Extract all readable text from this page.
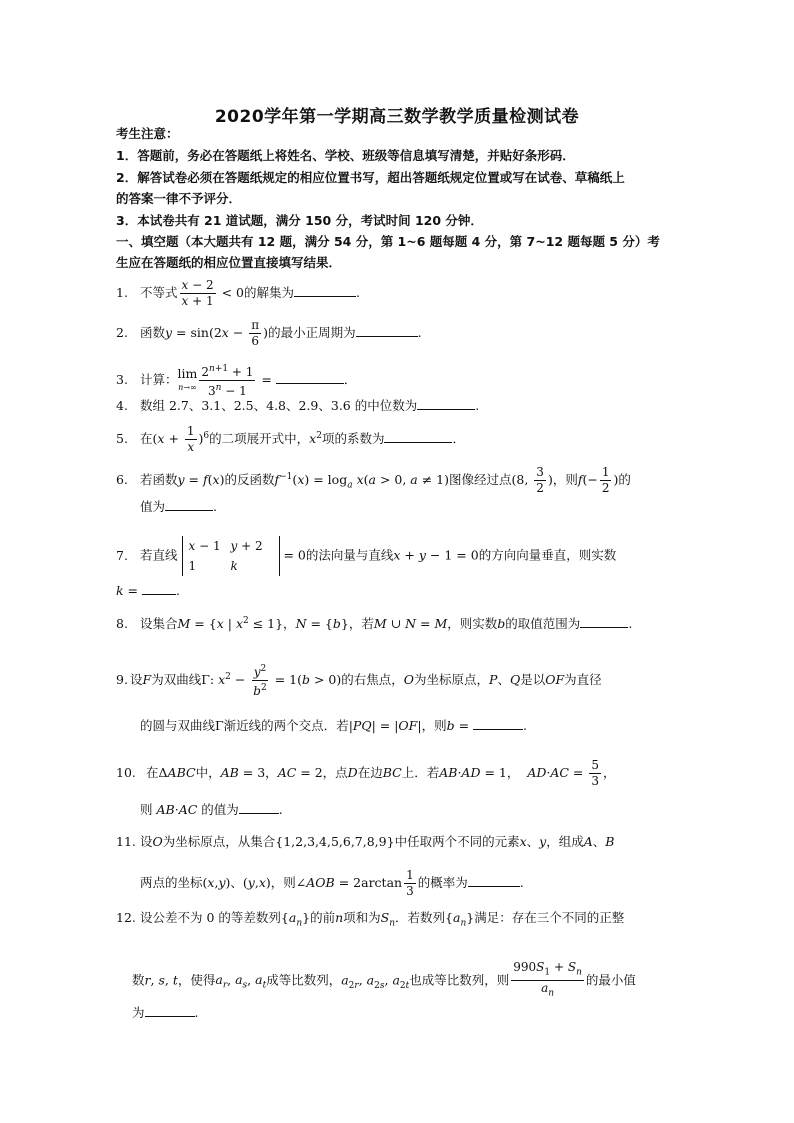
2020学年第一学期高三数学教学质量检测试卷
考生注意：
1．答题前，务必在答题纸上将姓名、学校、班级等信息填写清楚，并贴好条形码．
2．解答试卷必须在答题纸规定的相应位置书写，超出答题纸规定位置或写在试卷、草稿纸上
的答案一律不予评分．
3．本试卷共有 21 道试题，满分 150 分，考试时间 120 分钟．
一、填空题（本大题共有 12 题，满分 54 分，第 1~6 题每题 4 分，第 7~12 题每题 5 分）考
生应在答题纸的相应位置直接填写结果．
1. 不等式 $\frac{x - 2}{x + 1} < 0$的解集为	.
2. 函数$y = \sin(2x - \frac{\pi}{6}$ )的最小正周期为	.
3. 计算：lim
$n\to\infty \frac{2^{n+1} + 1}{3^n - 1}$ =	．
4. 数组 2.7、3.1、2.5、4.8、2.9、3.6 的中位数为	.
5. 在$(x + \frac{1}{x} )^6$的二项展开式中，$x^2$项的系数为	．
6. 若函数y = f(x)的反函数$f^{-1}(x) = \log_a x(a > 0$, a ≠ 1)图像经过点(8, $\frac{3}{2}$ )，则$f(- \frac{1}{2}$ )的
值为	.
7. 若直线 x − 1 y + 2
1	k = 0的法向量与直线x + y − 1 = 0的方向向量垂直，则实数
k =	.
8. 设集合M = {x | $x^2 \le 1$}，N = {b}，若M ∪ N = M，则实数b的取值范围为	.
9. 设F为双曲线Γ: $x^2 - \frac{y^2}{b^2} = 1(b > 0)$的右焦点，O为坐标原点，P、Q是以OF为直径
的圆与双曲线Γ渐近线的两个交点．若|PQ| = |OF|，则b =	.
10. 在ΔABC中，AB = 3，AC = 2，点D在边BC上．若AB·AD = 1，  $AD\cdot AC = \frac{5}{3}$ ，
则 AB·AC 的值为	.
11. 设O为坐标原点，从集合{1,2,3,4,5,6,7,8,9}中任取两个不同的元素x、y，组成A、B
两点的坐标(x,y)、(y,x)，则∠AOB = $2\arctan \frac{1}{3}$ 的概率为	.
12. 设公差不为 0 的等差数列$\{a_n\}$的前n项和为$S_n$．若数列$\{a_n\}$满足：存在三个不同的正整
数r, s, t，使得$a_r$, $a_s$, $a_t$成等比数列，$a_{2r}$, $a_{2s}$, $a_{2t}$也成等比数列，则 $\frac{990S_1 + S_n}{a_n}$ 的最小值
为	.
